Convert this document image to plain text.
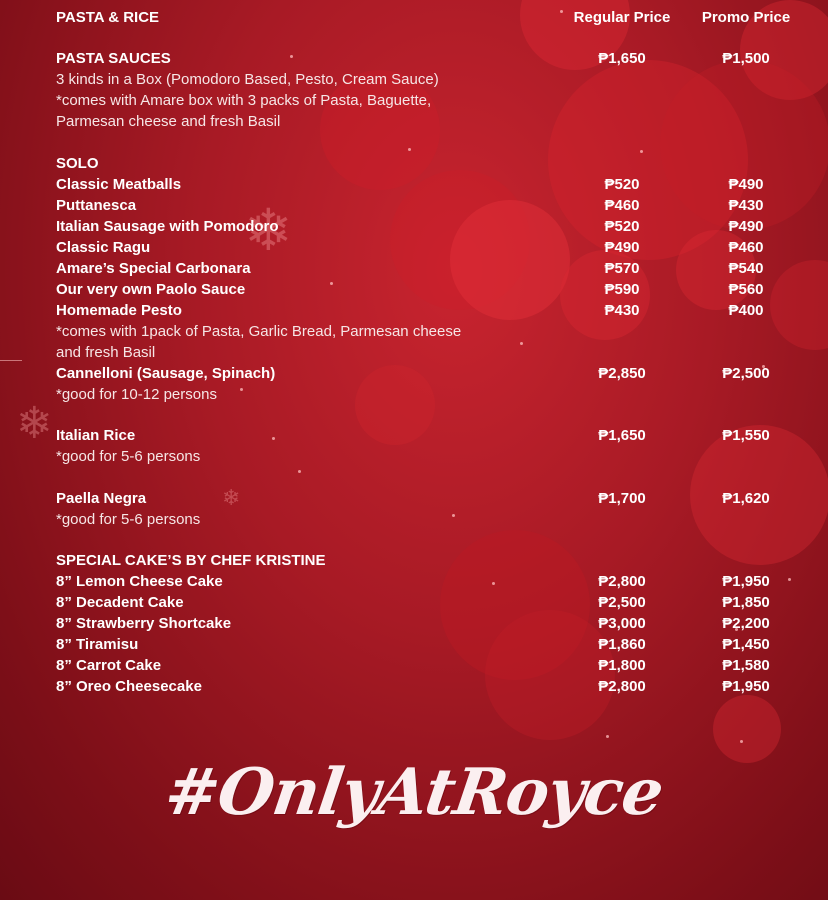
❄
❄
❄
PASTA & RICE	Regular Price	Promo Price
PASTA SAUCES	₱1,650	₱1,500
3 kinds in a Box (Pomodoro Based, Pesto, Cream Sauce)
*comes with Amare box with 3 packs of Pasta, Baguette,
Parmesan cheese and fresh Basil
SOLO
Classic Meatballs	₱520	₱490
Puttanesca	₱460	₱430
Italian Sausage with Pomodoro	₱520	₱490
Classic Ragu	₱490	₱460
Amare’s Special Carbonara	₱570	₱540
Our very own Paolo Sauce	₱590	₱560
Homemade Pesto	₱430	₱400
*comes with 1pack of Pasta, Garlic Bread, Parmesan cheese
and fresh Basil
Cannelloni (Sausage, Spinach)	₱2,850	₱2,500
*good for 10-12 persons
Italian Rice	₱1,650	₱1,550
*good for 5-6 persons
Paella Negra	₱1,700	₱1,620
*good for 5-6 persons
SPECIAL CAKE’S BY CHEF KRISTINE
8” Lemon Cheese Cake	₱2,800	₱1,950
8” Decadent Cake	₱2,500	₱1,850
8” Strawberry Shortcake	₱3,000	₱2,200
8” Tiramisu	₱1,860	₱1,450
8” Carrot Cake	₱1,800	₱1,580
8” Oreo Cheesecake	₱2,800	₱1,950
#OnlyAtRoyce
